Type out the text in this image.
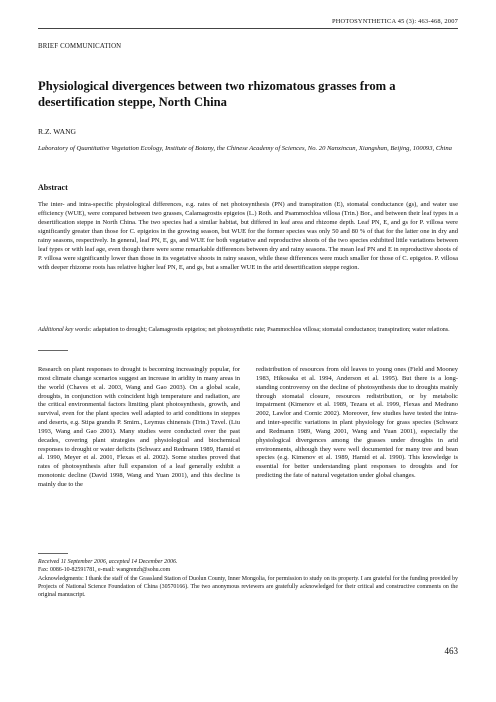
PHOTOSYNTHETICA 45 (3): 463-468, 2007
BRIEF COMMUNICATION
Physiological divergences between two rhizomatous grasses from a desertification steppe, North China
R.Z. WANG
Laboratory of Quantitative Vegetation Ecology, Institute of Botany, the Chinese Academy of Sciences, No. 20 Nanxincun, Xiangshan, Beijing, 100093, China
Abstract
The inter- and intra-specific physiological differences, e.g. rates of net photosynthesis (PN) and transpiration (E), stomatal conductance (gs), and water use efficiency (WUE), were compared between two grasses, Calamagrostis epigeios (L.) Roth. and Psammochloa villosa (Trin.) Bor., and between their leaf types in a desertification steppe in North China. The two species had a similar habitat, but differed in leaf area and rhizome depth. Leaf PN, E, and gs for P. villosa were significantly greater than those for C. epigeios in the growing season, but WUE for the former species was only 50 and 80 % of that for the latter one in dry and rainy seasons, respectively. In general, leaf PN, E, gs, and WUE for both vegetative and reproductive shoots of the two species exhibited little variations between leaf types or with leaf age, even though there were some remarkable differences between dry and rainy seasons. The mean leaf PN and E in reproductive shoots of P. villosa were significantly lower than those in its vegetative shoots in rainy season, while these differences were much smaller for those of C. epigeios. P. villosa with deeper rhizome roots has relative higher leaf PN, E, and gs, but a smaller WUE in the arid desertification steppe region.
Additional key words: adaptation to drought; Calamagrostis epigeios; net photosynthetic rate; Psammochloa villosa; stomatal conductance; transpiration; water relations.

Research on plant responses to drought is becoming increasingly popular, for most climate change scenarios suggest an increase in aridity in many areas in the world (Chaves et al. 2003, Wang and Gao 2003). On a global scale, droughts, in conjunction with coincident high temperature and radiation, are the critical environmental factors limiting plant photosynthesis, growth, and survival, even for the plant species well adapted to arid conditions in steppes and deserts, e.g. Stipa grandis P. Smirn., Leymus chinensis (Trin.) Tzvel. (Liu 1993, Wang and Gao 2001). Many studies were conducted over the past decades, covering plant strategies and physiological and biochemical responses to drought or water deficits (Schwarz and Redmann 1989, Hamid et al. 1990, Meyer et al. 2001, Flexas et al. 2002). Some studies proved that rates of photosynthesis after full expansion of a leaf generally exhibit a monotonic decline (David 1998, Wang and Yuan 2001), and this decline is mainly due to the

redistribution of resources from old leaves to young ones (Field and Mooney 1983, Hikosaka et al. 1994, Anderson et al. 1995). But there is a long-standing controversy on the decline of photosynthesis due to droughts mainly through stomatal closure, resources redistribution, or by metabolic impairment (Kimenov et al. 1989, Tezara et al. 1999, Flexas and Medrano 2002, Lawlor and Cornic 2002). Moreover, few studies have tested the intra- and inter-specific variations in plant physiology for grass species (Schwarz and Redmann 1989, Wang 2001, Wang and Yuan 2001), especially the physiological divergences among the grasses under droughts in arid environments, although they were well documented for many tree and bean species (e.g. Kimenov et al. 1989, Hamid et al. 1990). This knowledge is essential for better understanding plant responses to droughts and for predicting the fate of natural vegetation under global changes.

Received 11 September 2006, accepted 14 December 2006.

Fax: 0086-10-82591781, e-mail: wangrenzh@sohu.com

Acknowledgments: I thank the staff of the Grassland Station of Duolun County, Inner Mongolia, for permission to study on its property. I am grateful for the funding provided by Projects of National Science Foundation of China (30570166). The two anonymous reviewers are gratefully acknowledged for their critical and constructive comments on the original manuscript.

463
